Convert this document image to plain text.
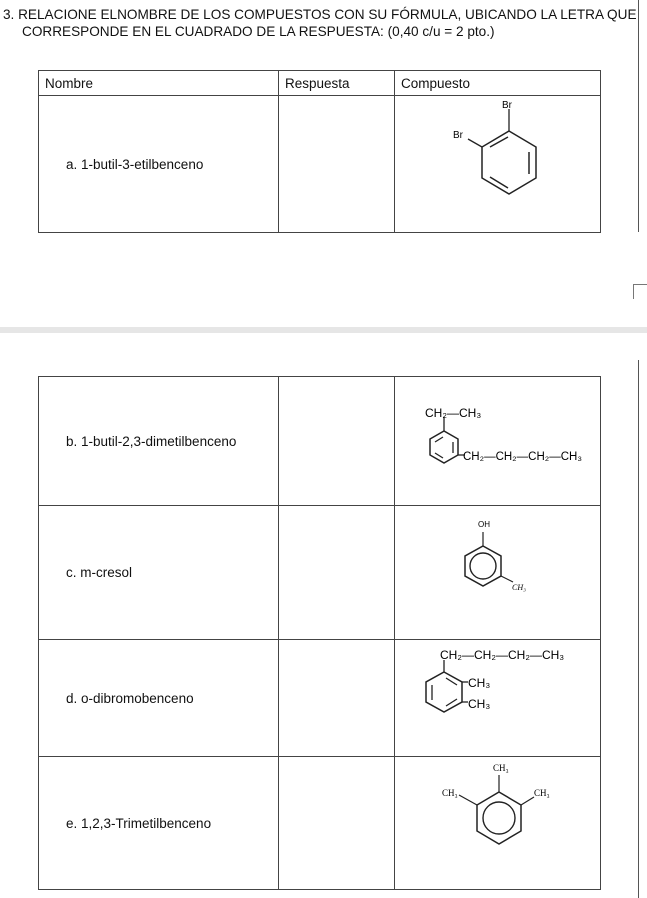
3. RELACIONE ELNOMBRE DE LOS COMPUESTOS CON SU FÓRMULA, UBICANDO LA LETRA QUE
CORRESPONDE EN EL CUADRADO DE LA RESPUESTA: (0,40 c/u = 2 pto.)
Nombre	Respuesta	Compuesto
a. 1-butil-3-etilbenceno		Br
Br
b. 1-butil-2,3-dimetilbenceno		CH₂—CH₃
CH₂—CH₂—CH₂—CH₃

c. m-cresol		OH
CH₃

d. o-dibromobenceno		CH₂—CH₂—CH₂—CH₃
CH₃
CH₃

e. 1,2,3-Trimetilbenceno		CH₃
CH₃ CH₃
